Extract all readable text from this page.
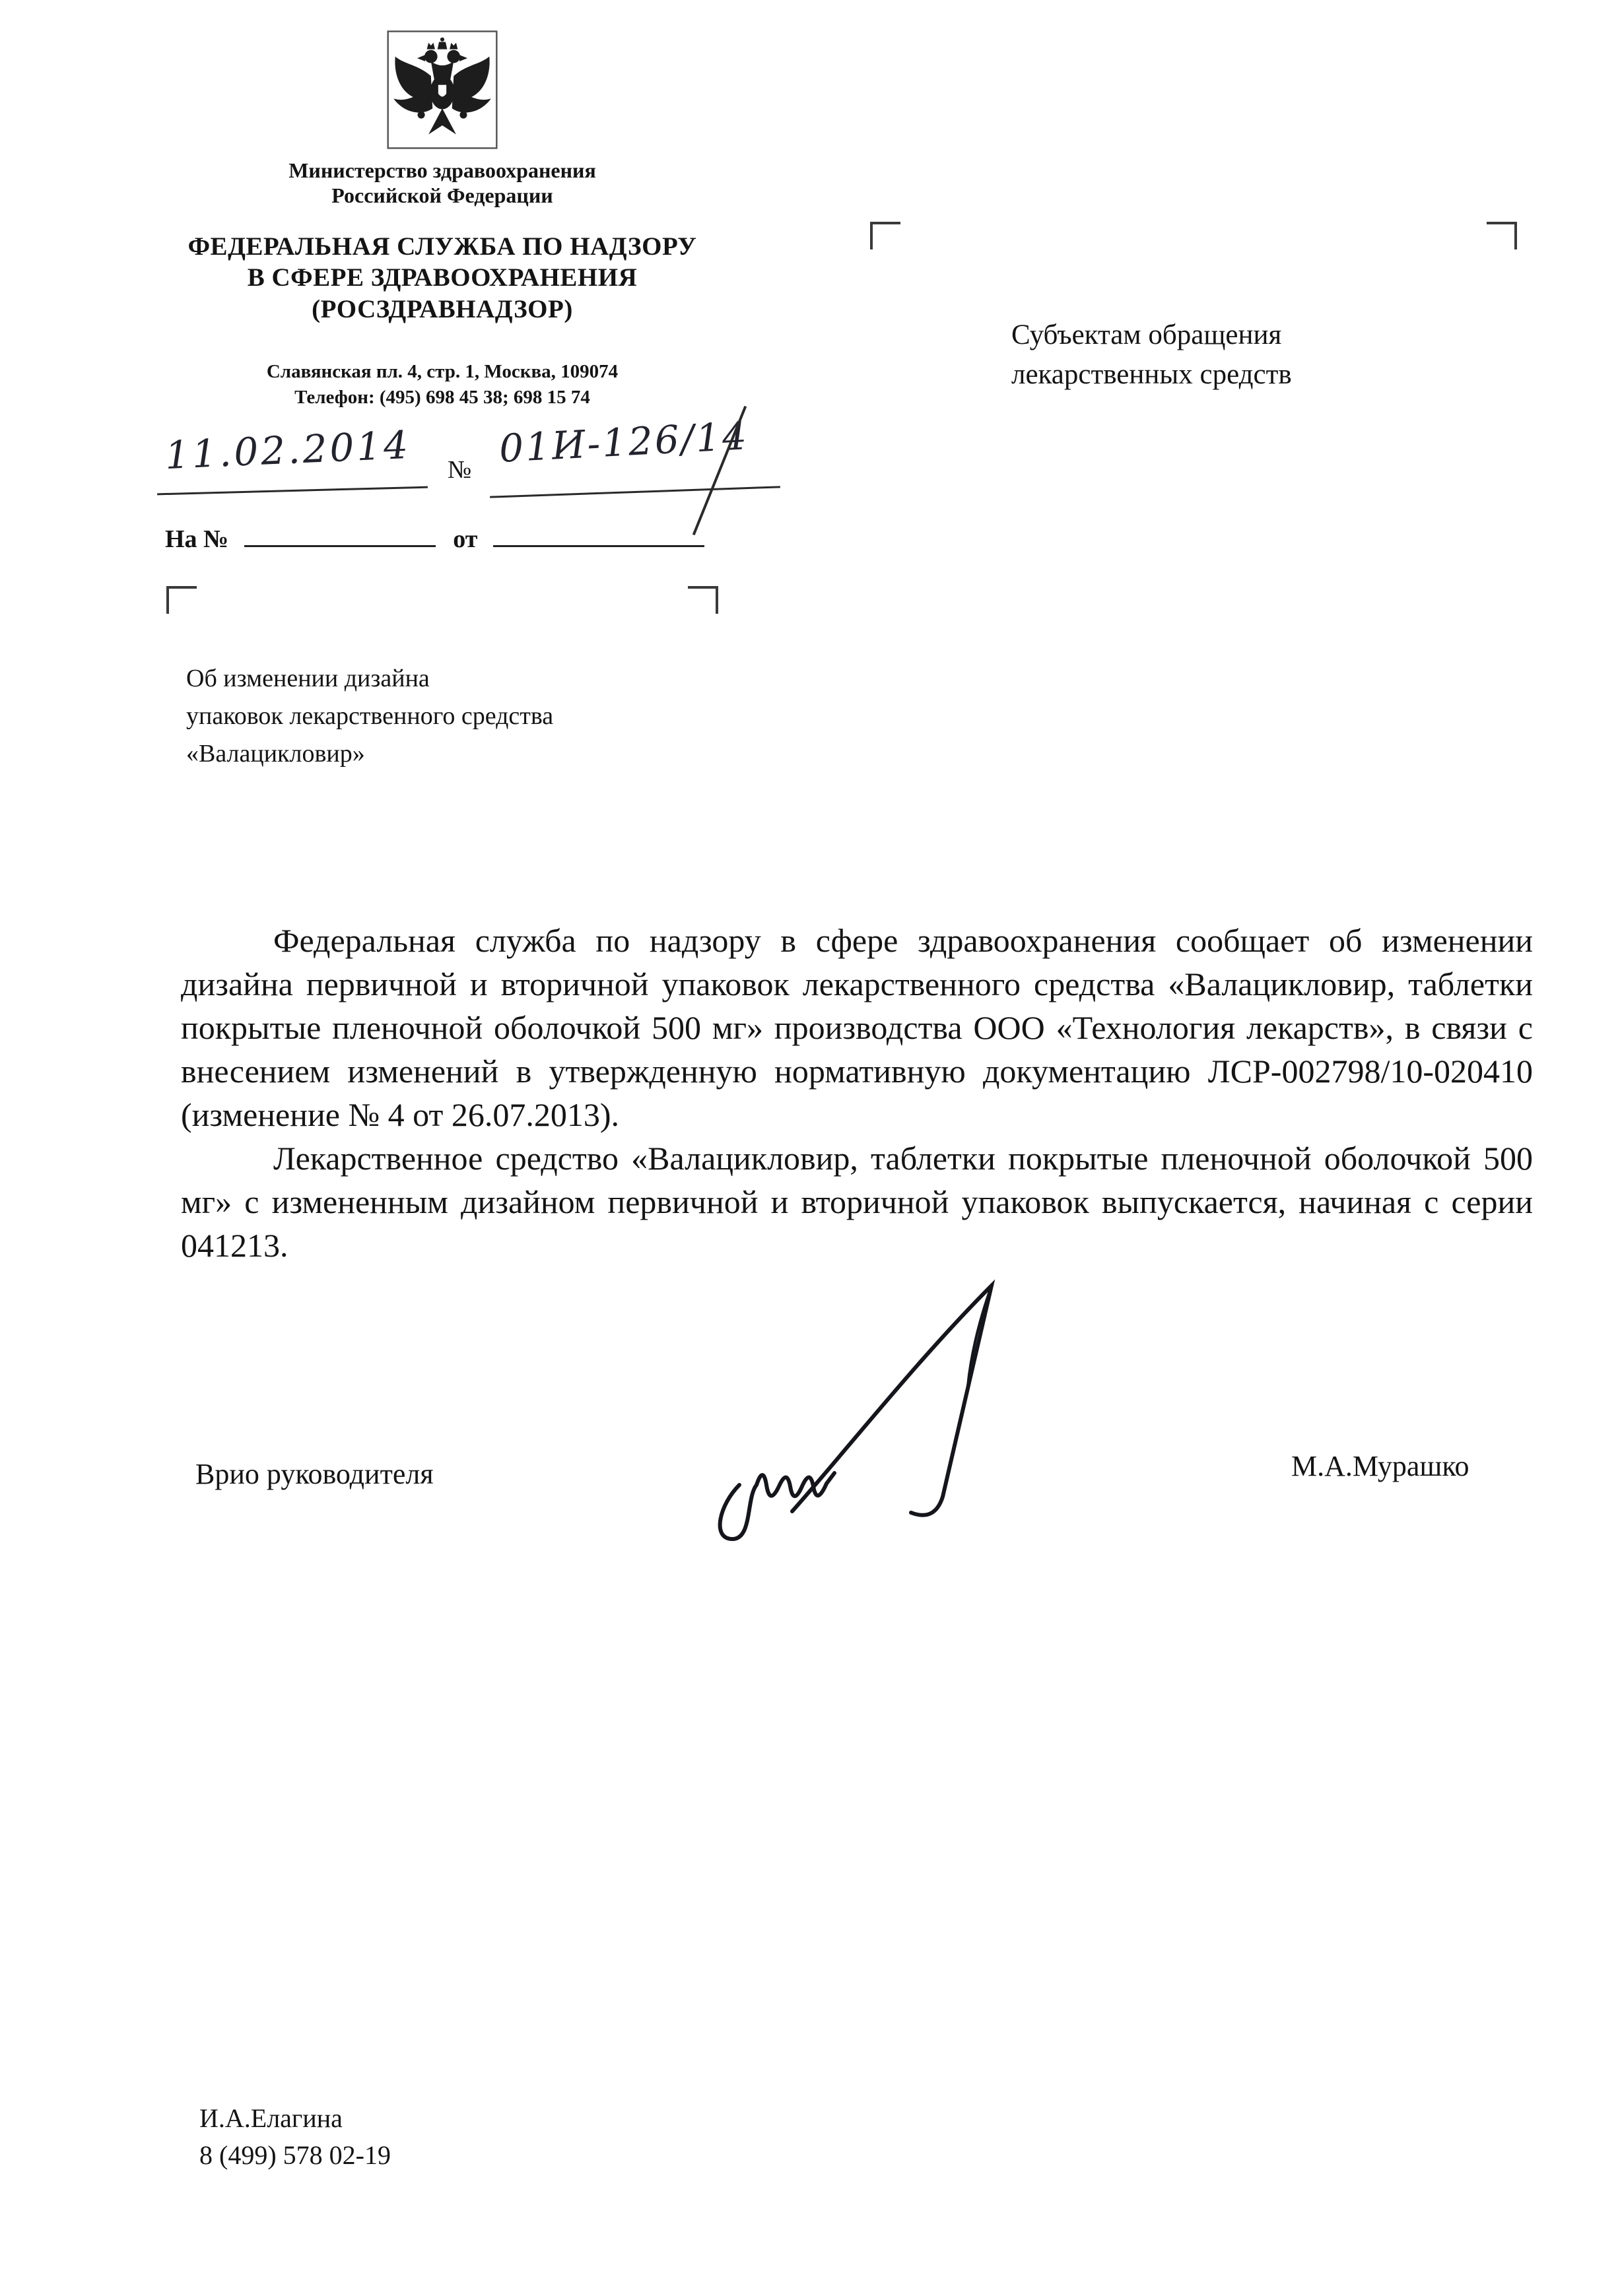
Министерство здравоохранения
Российской Федерации
ФЕДЕРАЛЬНАЯ СЛУЖБА ПО НАДЗОРУ
В СФЕРЕ ЗДРАВООХРАНЕНИЯ
(РОСЗДРАВНАДЗОР)
Славянская пл. 4, стр. 1, Москва, 109074
Телефон: (495) 698 45 38; 698 15 74
11.02.2014 № 01И-126/14
На №	от
Субъектам обращения
лекарственных средств
Об изменении дизайна
упаковок лекарственного средства
«Валацикловир»

Федеральная служба по надзору в сфере здравоохранения сообщает об изменении дизайна первичной и вторичной упаковок лекарственного средства «Валацикловир, таблетки покрытые пленочной оболочкой 500 мг» производства ООО «Технология лекарств», в связи с внесением изменений в утвержденную нормативную документацию ЛСР-002798/10-020410 (изменение № 4 от 26.07.2013).

Лекарственное средство «Валацикловир, таблетки покрытые пленочной оболочкой 500 мг» с измененным дизайном первичной и вторичной упаковок выпускается, начиная с серии 041213.

Врио руководителя	М.А.Мурашко
И.А.Елагина
8 (499) 578 02-19
